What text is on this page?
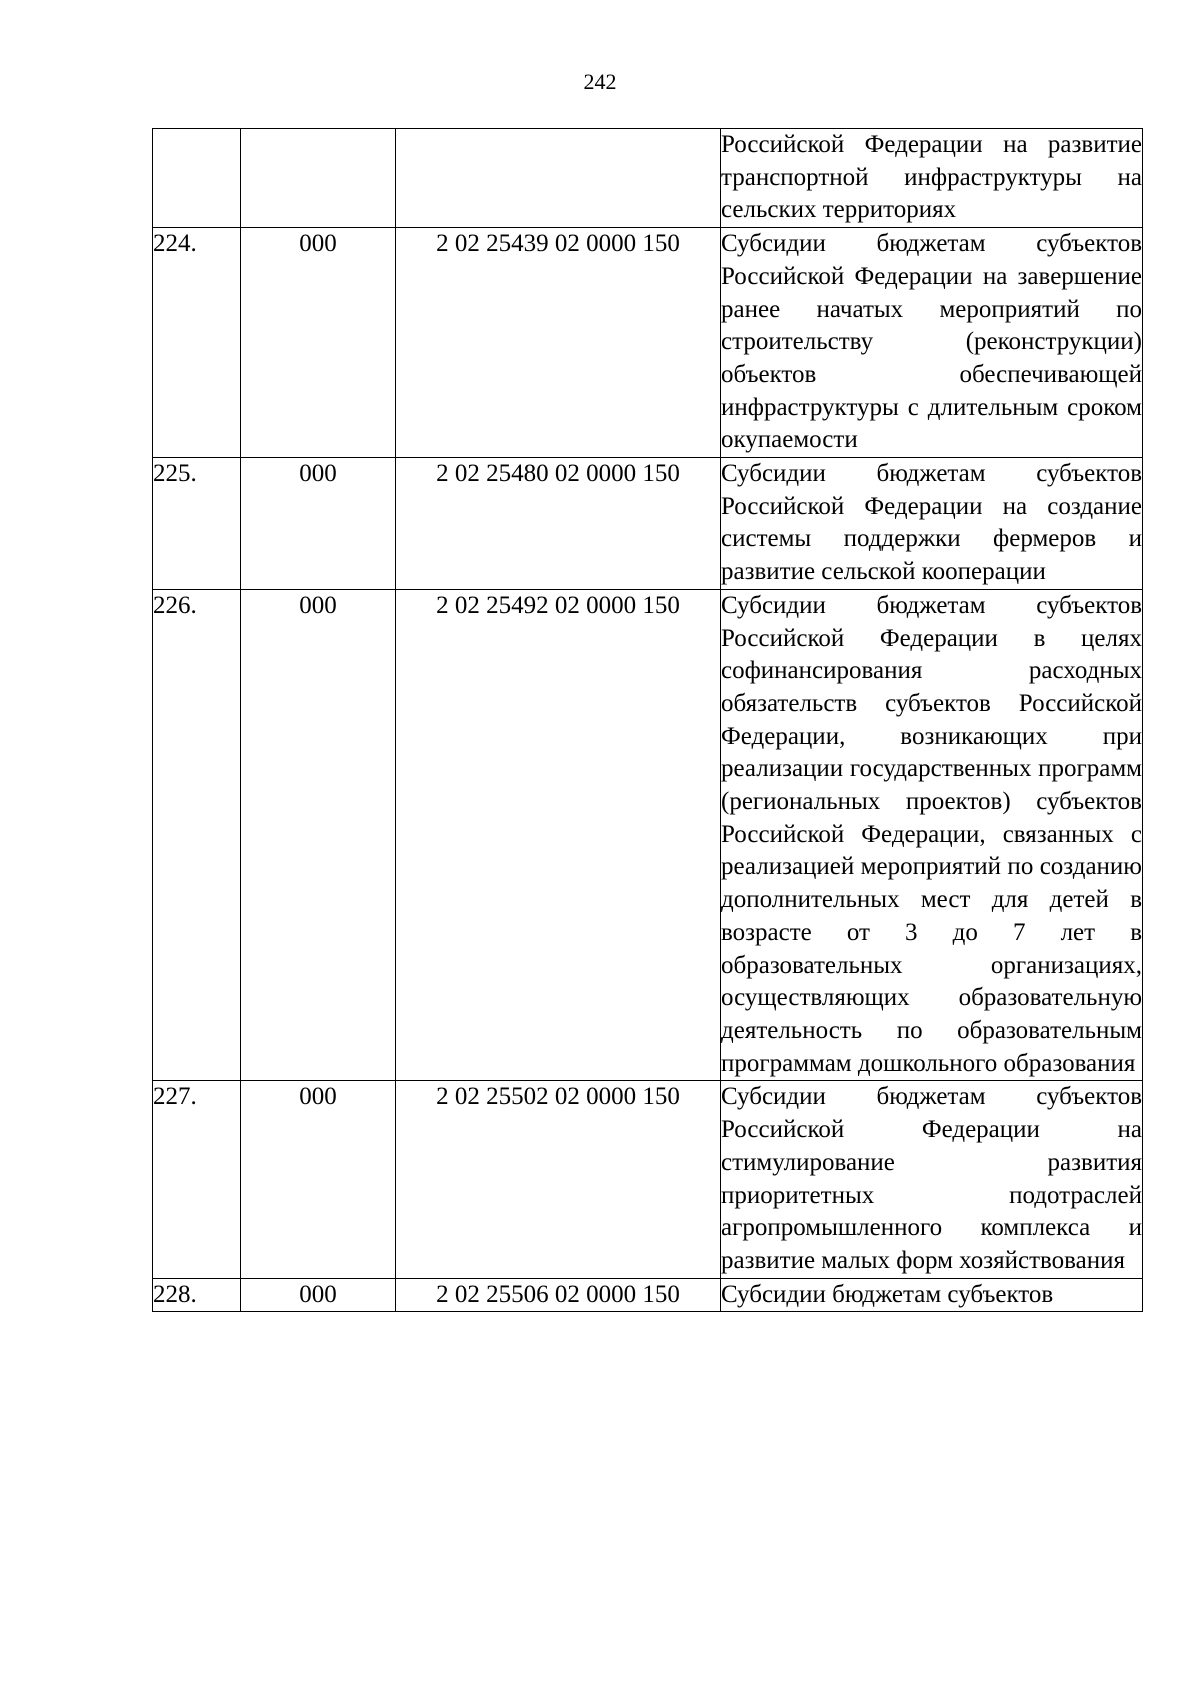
242
			Российской Федерации на развитие транспортной инфраструктуры на сельских территориях
224.	000	2 02 25439 02 0000 150	Субсидии бюджетам субъектов Российской Федерации на завершение ранее начатых мероприятий по строительству (реконструкции) объектов обеспечивающей инфраструктуры с длительным сроком окупаемости
225.	000	2 02 25480 02 0000 150	Субсидии бюджетам субъектов Российской Федерации на создание системы поддержки фермеров и развитие сельской кооперации
226.	000	2 02 25492 02 0000 150	Субсидии бюджетам субъектов Российской Федерации в целях софинансирования расходных обязательств субъектов Российской Федерации, возникающих при реализации государственных программ (региональных проектов) субъектов Российской Федерации, связанных с реализацией мероприятий по созданию дополнительных мест для детей в возрасте от 3 до 7 лет в образовательных организациях, осуществляющих образовательную деятельность по образовательным программам дошкольного образования
227.	000	2 02 25502 02 0000 150	Субсидии бюджетам субъектов Российской Федерации на стимулирование развития приоритетных подотраслей агропромышленного комплекса и развитие малых форм хозяйствования
228.	000	2 02 25506 02 0000 150	Субсидии бюджетам субъектов
